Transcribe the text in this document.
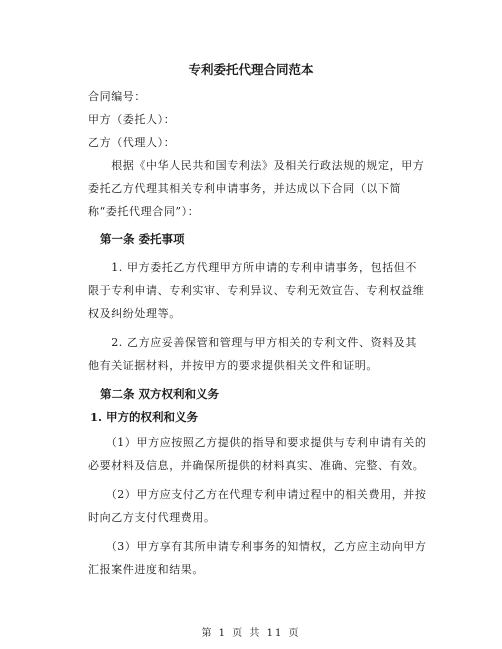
专利委托代理合同范本

合同编号：

甲方（委托人）：

乙方（代理人）：

　　根据《中华人民共和国专利法》及相关行政法规的规定，甲方委托乙方代理其相关专利申请事务，并达成以下合同（以下简称“委托代理合同”）：

第一条 委托事项

　　1. 甲方委托乙方代理甲方所申请的专利申请事务，包括但不限于专利申请、专利实审、专利异议、专利无效宣告、专利权益维权及纠纷处理等。

　　2. 乙方应妥善保管和管理与甲方相关的专利文件、资料及其他有关证据材料，并按甲方的要求提供相关文件和证明。

第二条 双方权利和义务
1. 甲方的权利和义务

　　（1）甲方应按照乙方提供的指导和要求提供与专利申请有关的必要材料及信息，并确保所提供的材料真实、准确、完整、有效。

　　（2）甲方应支付乙方在代理专利申请过程中的相关费用，并按时向乙方支付代理费用。

　　（3）甲方享有其所申请专利事务的知情权，乙方应主动向甲方汇报案件进度和结果。

第 1 页 共 11 页
